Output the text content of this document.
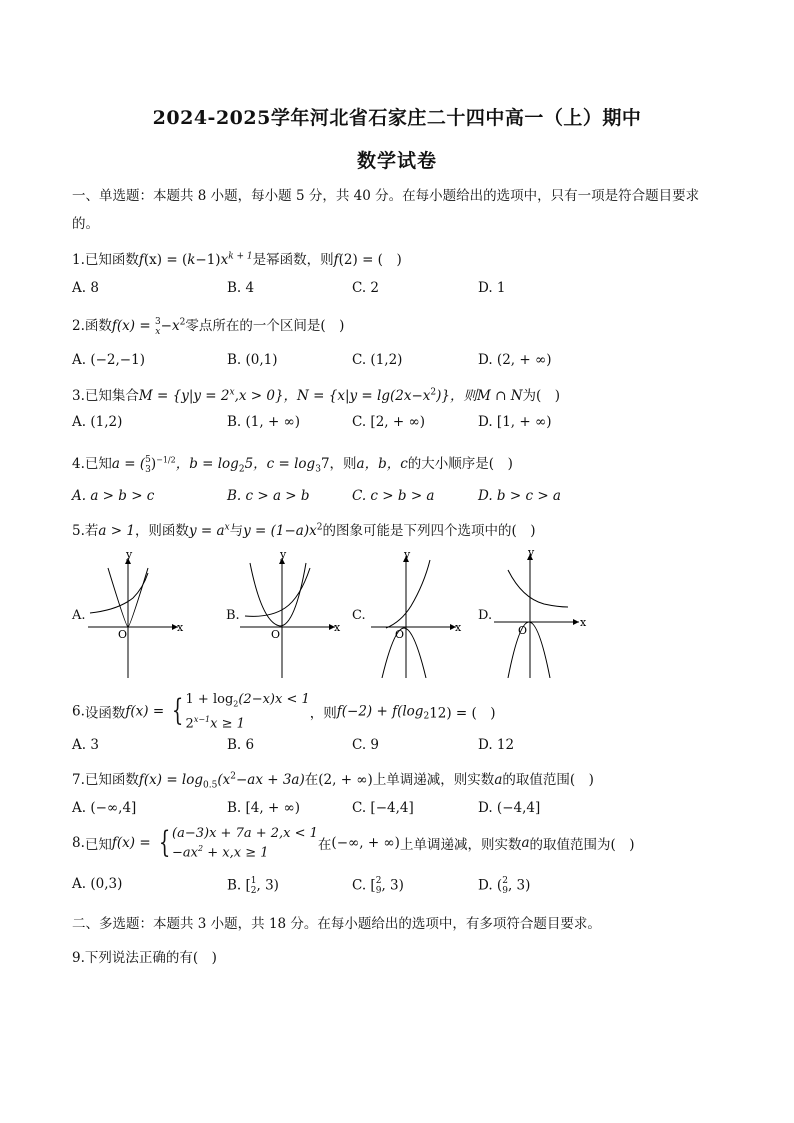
2024-2025学年河北省石家庄二十四中高一（上）期中
数学试卷
一、单选题：本题共 8 小题，每小题 5 分，共 40 分。在每小题给出的选项中，只有一项是符合题目要求
的。
1.已知函数$f(x) = (k-1)x^{k + 1}$是幂函数，则f(2) = (　)
A. 8	B. 4	C. 2	D. 1
2.函数f(x) = 3
$x-x^2$零点所在的一个区间是(　)
A. (−2,−1)	B. (0,1)	C. (1,2)	D. (2, + ∞)
3.已知集合$M = \{y|y = 2^x,x > 0\}$，$N = \{x|y = \lg(2x-x^2)\}$，则M ∩ N为(　)
A. (1,2)	B. (1, + ∞)	C. [2, + ∞)	D. [1, + ∞)
4.已知a = (5
3)$^{-1/2}$，$b = \log_25$，$c = \log_37$，则a，b，c的大小顺序是(　)
A. a > b > c	B. c > a > b	C. c > b > a	D. b > c > a
5.若a > 1，则函数$y = a^x$与$y = (1-a)x^2$的图象可能是下列四个选项中的(　)
A.
x
y
O
B.
x
y
O
C.
x
y
O
D.	x
y
O
6.设函数f(x) = { $1 + \log_2(2-x)x < 1$
$2^{x-1}x \ge 1$，则$f(-2) + f(\log_212)$ = (　)
A. 3	B. 6	C. 9	D. 12
7.已知函数$f(x) = \log_{0.5}(x^2-ax + 3a)$在(2, + ∞)上单调递减，则实数a的取值范围(　)
A. (−∞,4]	B. [4, + ∞)	C. [−4,4]	D. (−4,4]
8.已知f(x) = { (a−3)x + 7a + 2,x < 1
$-ax^2 + x,x \ge 1$	在(−∞, + ∞)上单调递减，则实数a的取值范围为(　)
A. (0,3)	B. [1
2, 3)	C. [2
9, 3)	D. (2
9, 3)
二、多选题：本题共 3 小题，共 18 分。在每小题给出的选项中，有多项符合题目要求。
9.下列说法正确的有(　)
